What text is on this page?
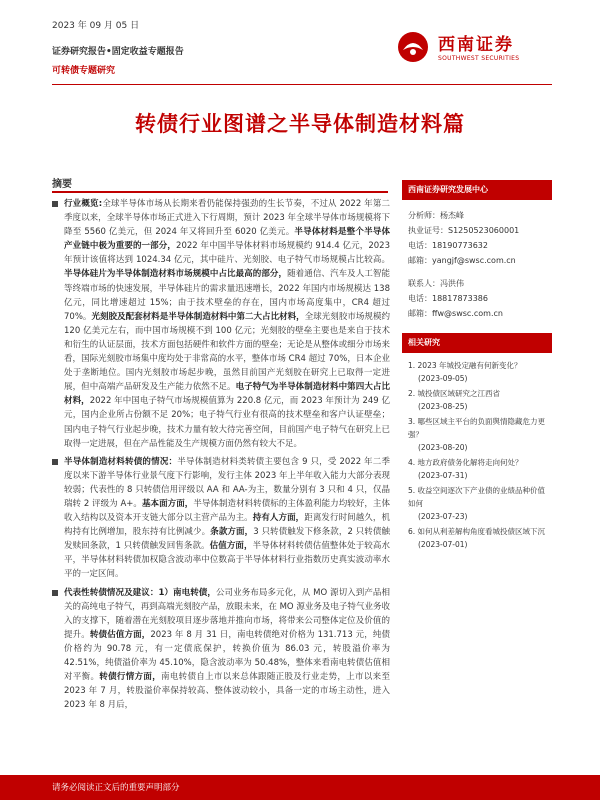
2023 年 09 月 05 日
证券研究报告•固定收益专题报告
可转债专题研究
西南证券
SOUTHWEST SECURITIES
转债行业图谱之半导体制造材料篇
摘要
行业概览:全球半导体市场从长期来看仍能保持强劲的生长节奏，不过从 2022 年第二季度以来，全球半导体市场正式进入下行周期，预计 2023 年全球半导体市场规模将下降至 5560 亿美元，但 2024 年又将回升至 6020 亿美元。半导体材料是整个半导体产业链中极为重要的一部分，2022 年中国半导体材料市场规模约 914.4 亿元，2023 年预计该值将达到 1024.34 亿元，其中硅片、光刻胶、电子特气市场规模占比较高。半导体硅片为半导体制造材料市场规模中占比最高的部分，随着通信、汽车及人工智能等终端市场的快速发展，半导体硅片的需求量迅速增长，2022 年国内市场规模达 138 亿元，同比增速超过 15%；由于技术壁垒的存在，国内市场高度集中，CR4 超过 70%。光刻胶及配套材料是半导体制造材料中第二大占比材料，全球光刻胶市场规模约 120 亿美元左右，而中国市场规模不到 100 亿元；光刻胶的壁垒主要也是来自于技术和衍生的认证层面，技术方面包括硬件和软件方面的壁垒；无论是从整体或细分市场来看，国际光刻胶市场集中度均处于非常高的水平，整体市场 CR4 超过 70%，日本企业处于垄断地位。国内光刻胶市场起步晚，虽然目前国产光刻胶在研究上已取得一定进展，但中高端产品研发及生产能力依然不足。电子特气为半导体制造材料中第四大占比材料，2022 年中国电子特气市场规模值算为 220.8 亿元，而 2023 年预计为 249 亿元，国内企业所占份额不足 20%；电子特气行业有很高的技术壁垒和客户认证壁垒；国内电子特气行业起步晚，技术力量有较大待完善空间，目前国产电子特气在研究上已取得一定进展，但在产品性能及生产规模方面仍然有较大不足。
半导体制造材料转债的情况：半导体制造材料类转债主要包含 9 只，受 2022 年二季度以来下游半导体行业景气度下行影响，发行主体 2023 年上半年收入能力大部分表现较弱；代表性的 8 只转债信用评级以 AA 和 AA-为主，数量分别有 3 只和 4 只，仅晶瑞转 2 评级为 A+。基本面方面，半导体制造材料转债标的主体盈利能力均较好，主体收入结构以及资本开支链大部分以主营产品为主。持有人方面，距离发行时间越久，机构持有比例增加，股东持有比例减少。条款方面，3 只转债触发下修条款，2 只转债触发赎回条款，1 只转债触发回售条款。估值方面，半导体材料转债估值整体处于较高水平，半导体材料转债加权隐含波动率中位数高于半导体材料行业指数历史真实波动率水平的一定区间。
代表性转债情况及建议：1）南电转债，公司业务布局多元化，从 MO 源切入到产品相关的高纯电子特气，再到高端光刻胶产品，放眼未来，在 MO 源业务及电子特气业务收入的支撑下，随着潜在光刻胶项目逐步落地并推向市场，将带来公司整体定位及价值的提升。转债估值方面，2023 年 8 月 31 日，南电转债绝对价格为 131.713 元，纯债价格约为 90.78 元，有一定债底保护，转换价值为 86.03 元，转股溢价率为 42.51%，纯债溢价率为 45.10%，隐含波动率为 50.48%，整体来看南电转债估值相对平衡。转债行情方面，南电转债自上市以来总体跟随正股及行业走势，上市以来至 2023 年 7 月，转股溢价率保持较高、整体波动较小，具备一定的市场主动性，进入 2023 年 8 月后，
西南证券研究发展中心
分析师：杨杰峰
执业证号：S1250523060001
电话：18190773632
邮箱：yangjf@swsc.com.cn
联系人：冯洪伟
电话：18817873386
邮箱：ffw@swsc.com.cn
相关研究
1. 2023 年城投定融有何新变化？
(2023-09-05)
2. 城投债区域研究之江西省
(2023-08-25)
3. 哪些区域主平台的负面舆情隐藏危力更强？
(2023-08-20)
4. 地方政府债务化解将走向何处？
(2023-07-31)
5. 收益空间逐次下产业债的业绩品种价值如何
(2023-07-23)
6. 如何从利差解构角度看城投债区域下沉
(2023-07-01)
请务必阅读正文后的重要声明部分
